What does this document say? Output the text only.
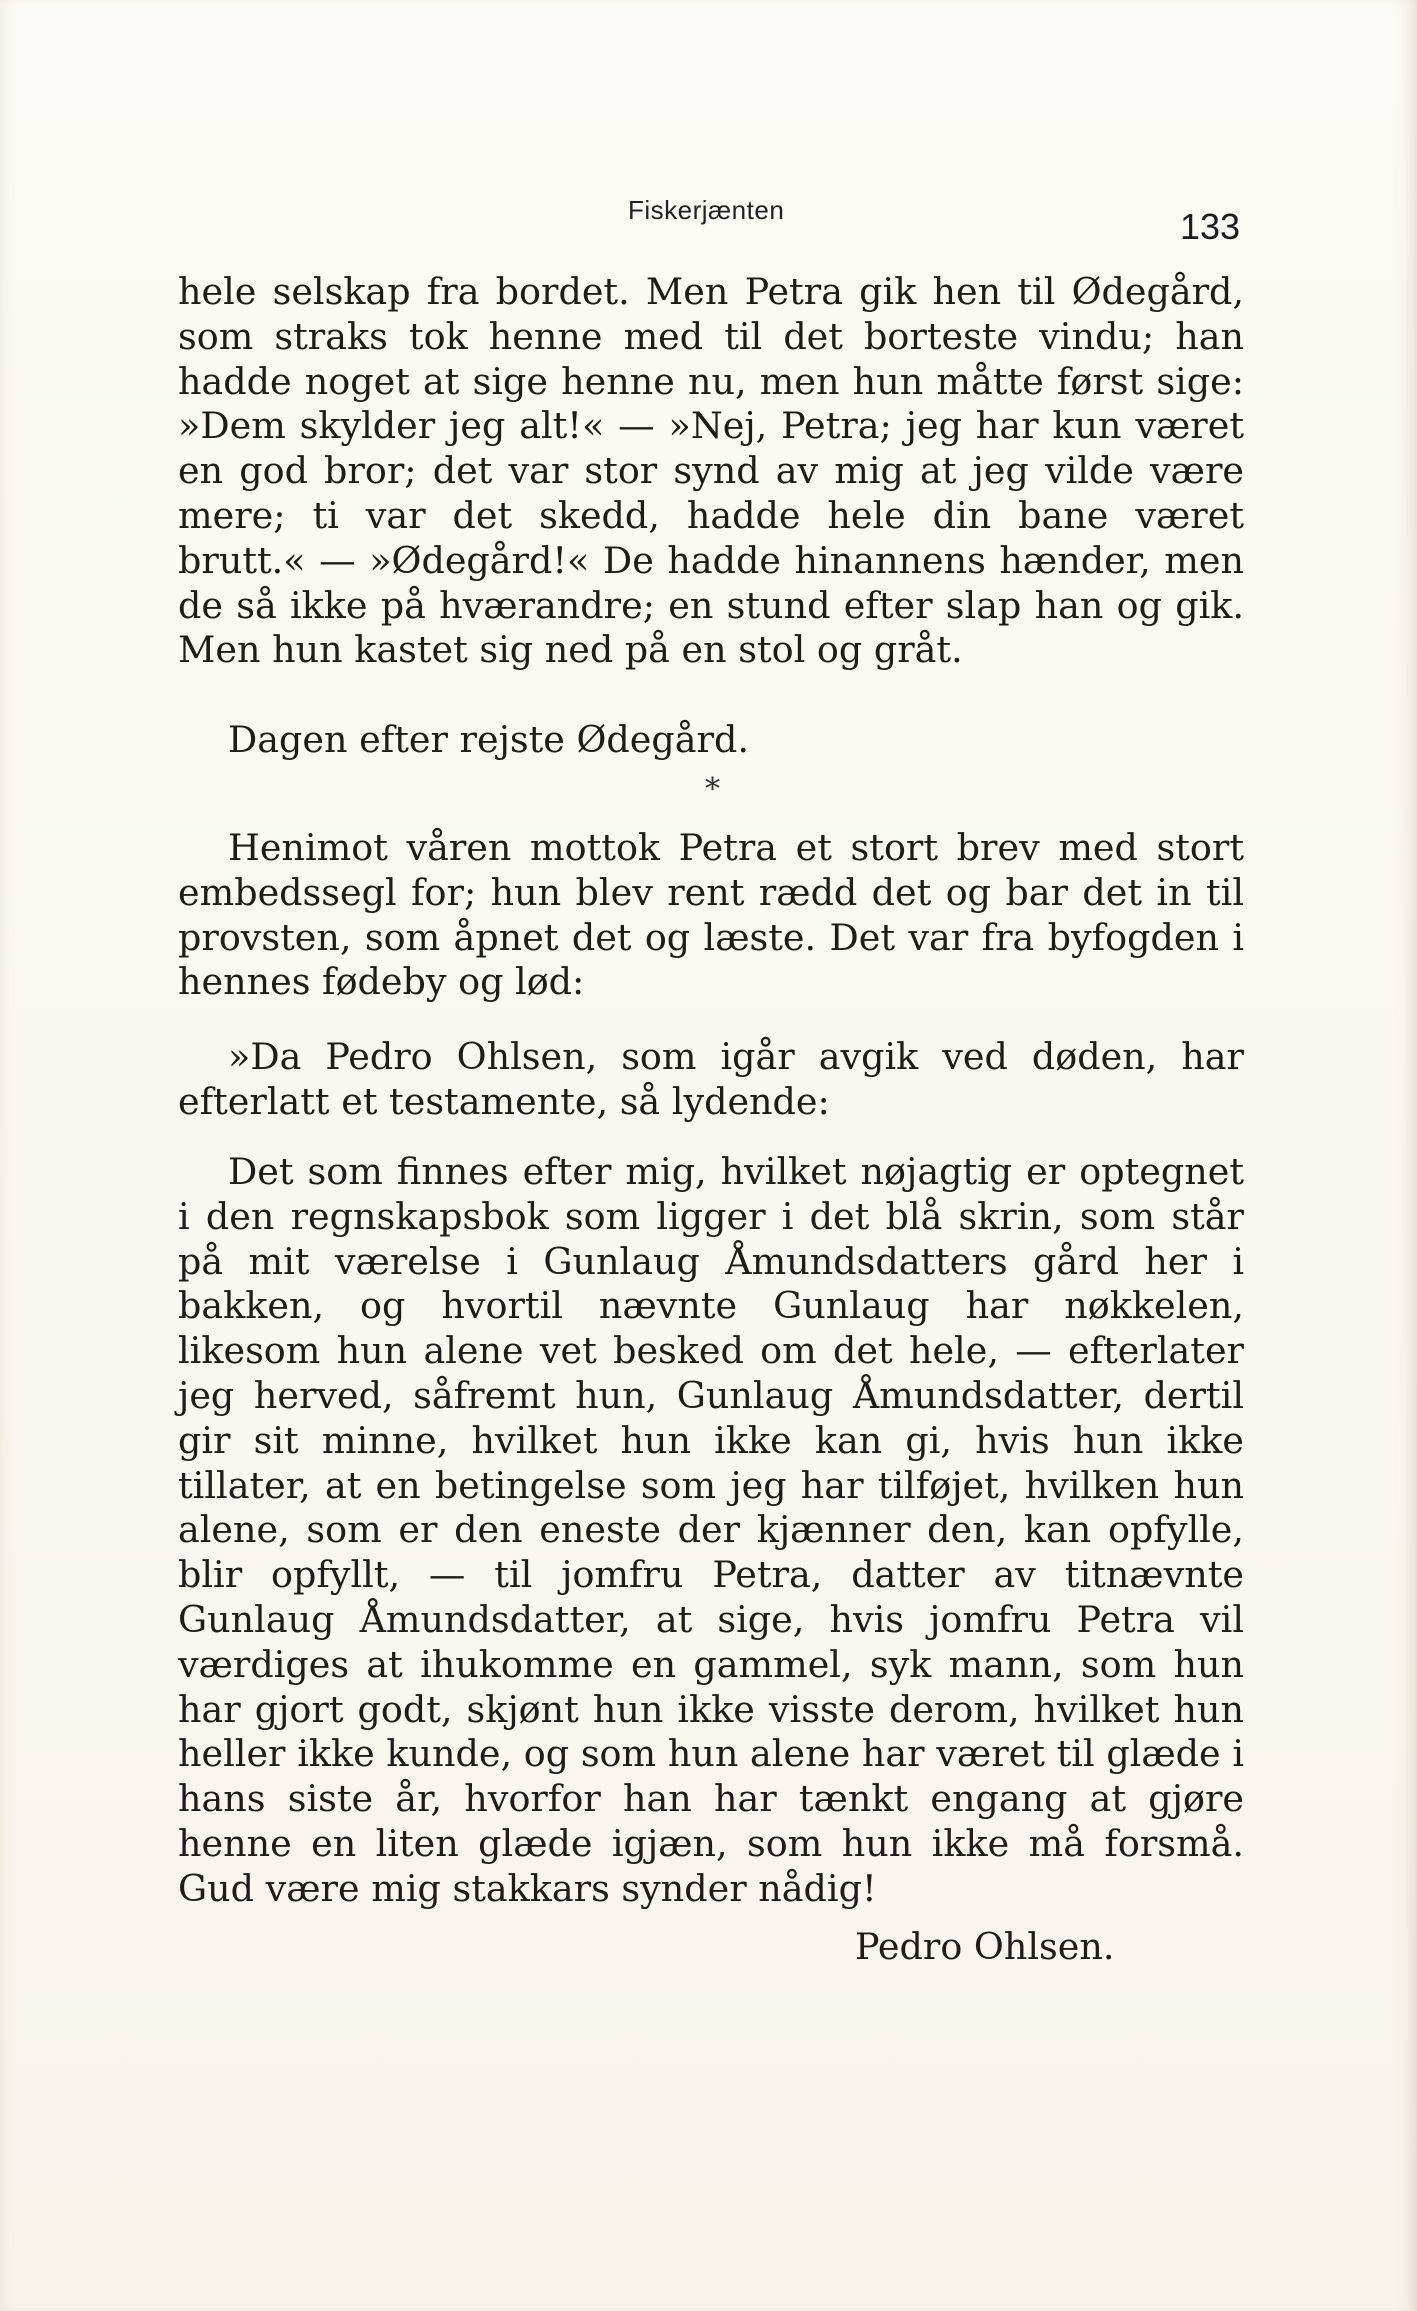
Fiskerjænten	133

hele selskap fra bordet. Men Petra gik hen til Ødegård, som straks tok henne med til det borteste vindu; han hadde noget at sige henne nu, men hun måtte først sige: »Dem skylder jeg alt!« — »Nej, Petra; jeg har kun været en god bror; det var stor synd av mig at jeg vilde være mere; ti var det skedd, hadde hele din bane været brutt.« — »Ødegård!« De hadde hinannens hænder, men de så ikke på hværandre; en stund efter slap han og gik. Men hun kastet sig ned på en stol og gråt.

Dagen efter rejste Ødegård.

*

Henimot våren mottok Petra et stort brev med stort embedssegl for; hun blev rent rædd det og bar det in til provsten, som åpnet det og læste. Det var fra byfogden i hennes fødeby og lød:

»Da Pedro Ohlsen, som igår avgik ved døden, har efterlatt et testamente, så lydende:

Det som finnes efter mig, hvilket nøjagtig er optegnet i den regnskapsbok som ligger i det blå skrin, som står på mit værelse i Gunlaug Åmundsdatters gård her i bakken, og hvortil nævnte Gunlaug har nøkkelen, likesom hun alene vet besked om det hele, — efterlater jeg herved, såfremt hun, Gunlaug Åmundsdatter, dertil gir sit minne, hvilket hun ikke kan gi, hvis hun ikke tillater, at en betingelse som jeg har tilføjet, hvilken hun alene, som er den eneste der kjænner den, kan opfylle, blir opfyllt, — til jomfru Petra, datter av titnævnte Gunlaug Åmundsdatter, at sige, hvis jomfru Petra vil værdiges at ihukomme en gammel, syk mann, som hun har gjort godt, skjønt hun ikke visste derom, hvilket hun heller ikke kunde, og som hun alene har været til glæde i hans siste år, hvorfor han har tænkt engang at gjøre henne en liten glæde igjæn, som hun ikke må forsmå. Gud være mig stakkars synder nådig!

Pedro Ohlsen.
